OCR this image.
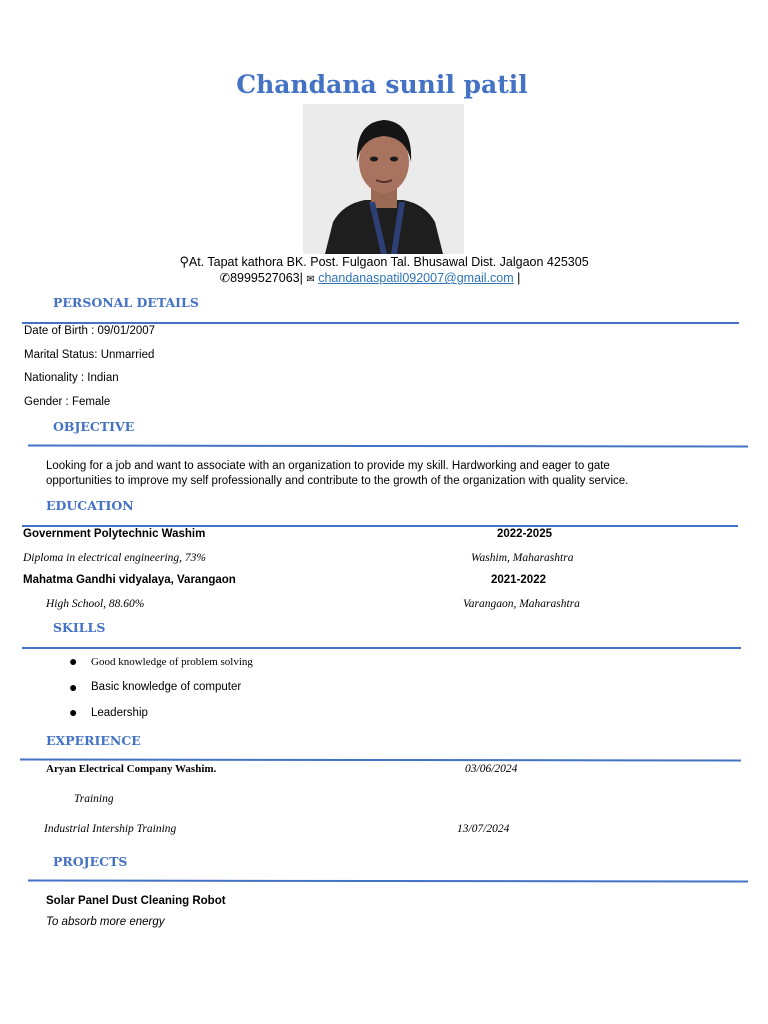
Chandana sunil patil
⚲At. Tapat kathora BK. Post. Fulgaon Tal. Bhusawal Dist. Jalgaon 425305
✆8999527063| ✉ chandanaspatil092007@gmail.com |
PERSONAL DETAILS
Date of Birth : 09/01/2007
Marital Status: Unmarried
Nationality : Indian
Gender : Female
OBJECTIVE
Looking for a job and want to associate with an organization to provide my skill. Hardworking and eager to gate
opportunities to improve my self professionally and contribute to the growth of the organization with quality service.
EDUCATION
Government Polytechnic Washim	2022-2025
Diploma in electrical engineering, 73%	Washim, Maharashtra
Mahatma Gandhi vidyalaya, Varangaon	2021-2022
High School, 88.60%	Varangaon, Maharashtra
SKILLS
● Good knowledge of problem solving
● Basic knowledge of computer
● Leadership
EXPERIENCE
Aryan Electrical Company Washim.	03/06/2024
Training
Industrial Intership Training	13/07/2024
PROJECTS
Solar Panel Dust Cleaning Robot
To absorb more energy
